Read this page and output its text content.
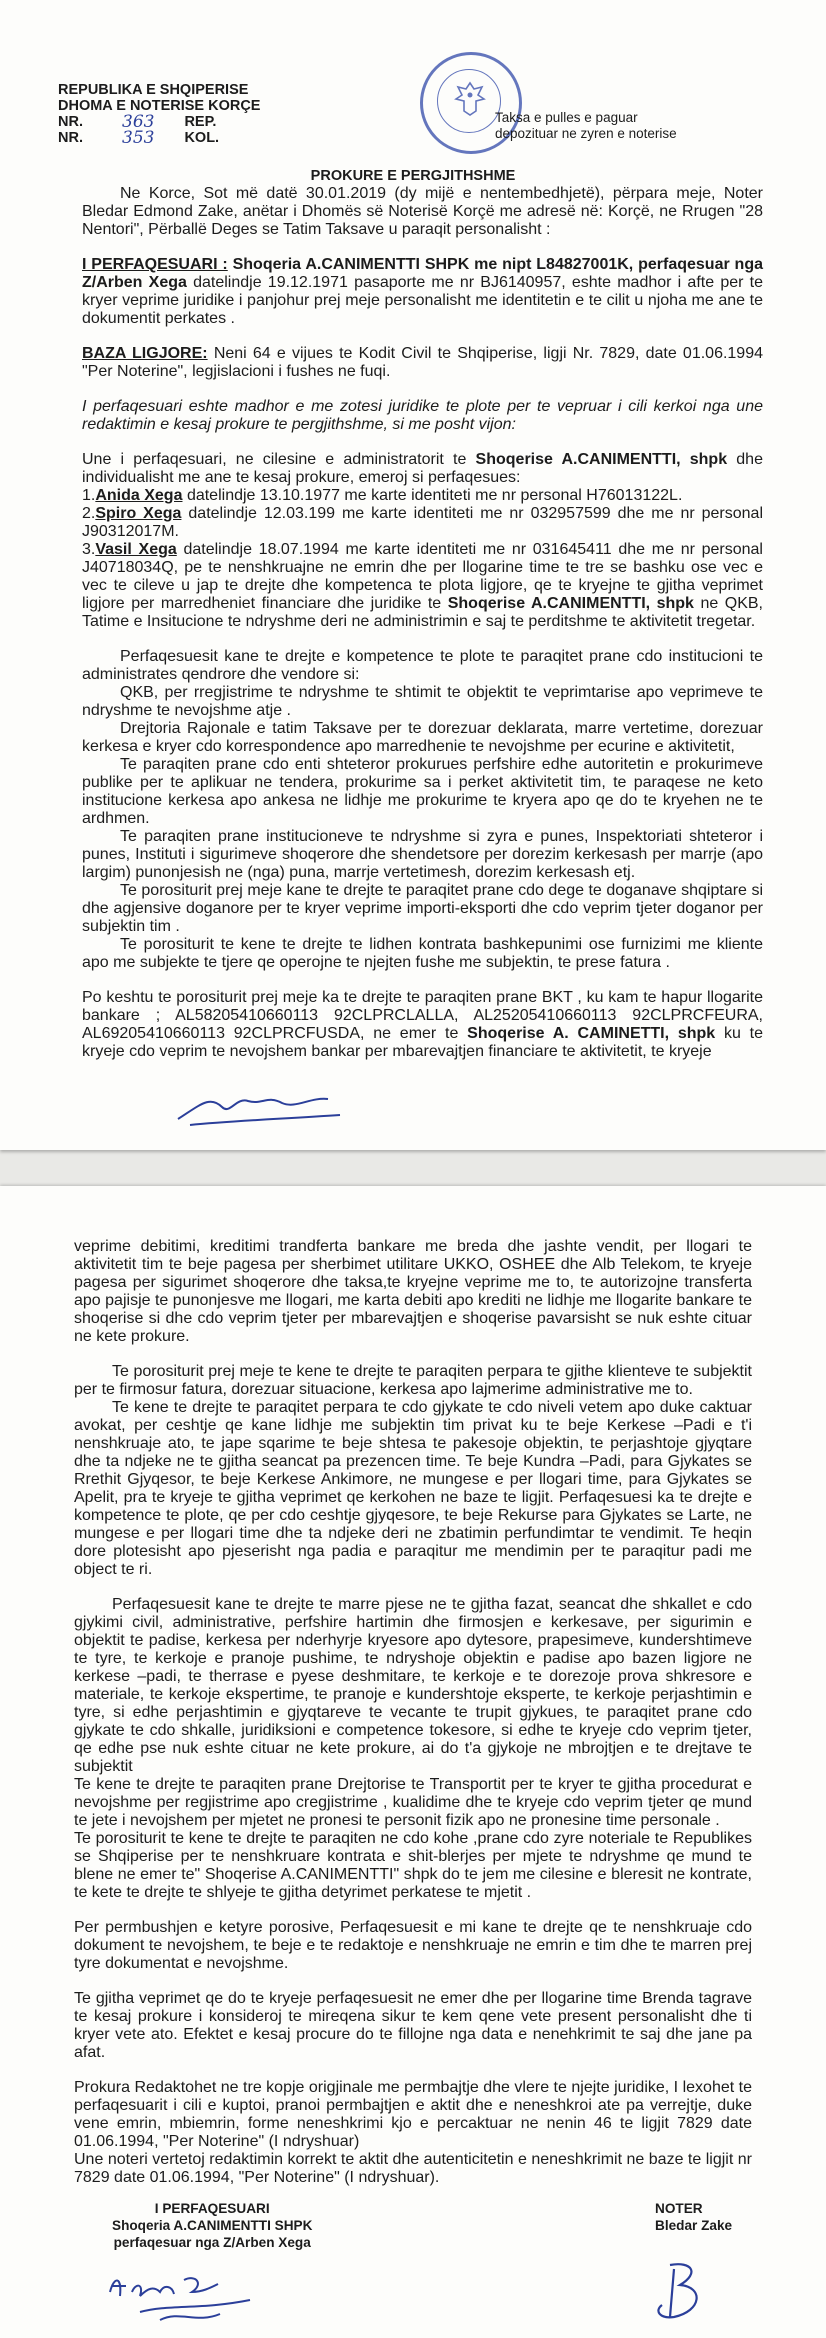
REPUBLIKA E SHQIPERISE
DHOMA E NOTERISE KORÇE
NR.	363 REP.
NR.	353 KOL.
Taksa e pulles e paguar
depozituar ne zyren e noterise
PROKURE E PERGJITHSHME

Ne Korce, Sot më datë 30.01.2019 (dy mijë e nentembedhjetë), përpara meje, Noter Bledar Edmond Zake, anëtar i Dhomës së Noterisë Korçë me adresë në: Korçë, ne Rrugen "28 Nentori", Përballë Deges se Tatim Taksave u paraqit personalisht :

I PERFAQESUARI : Shoqeria A.CANIMENTTI SHPK me nipt L84827001K, perfaqesuar nga Z/Arben Xega datelindje 19.12.1971 pasaporte me nr BJ6140957, eshte madhor i afte per te kryer veprime juridike i panjohur prej meje personalisht me identitetin e te cilit u njoha me ane te dokumentit perkates .

BAZA LIGJORE: Neni 64 e vijues te Kodit Civil te Shqiperise, ligji Nr. 7829, date 01.06.1994 "Per Noterine", legjislacioni i fushes ne fuqi.

I perfaqesuari eshte madhor e me zotesi juridike te plote per te vepruar i cili kerkoi nga une redaktimin e kesaj prokure te pergjithshme, si me posht vijon:

Une i perfaqesuari, ne cilesine e administratorit te Shoqerise A.CANIMENTTI, shpk dhe individualisht me ane te kesaj prokure, emeroj si perfaqesues:

1.Anida Xega datelindje 13.10.1977 me karte identiteti me nr personal H76013122L.

2.Spiro Xega datelindje 12.03.199 me karte identiteti me nr 032957599 dhe me nr personal J90312017M.

3.Vasil Xega datelindje 18.07.1994 me karte identiteti me nr 031645411 dhe me nr personal J40718034Q, pe te nenshkruajne ne emrin dhe per llogarine time te tre se bashku ose vec e vec te cileve u jap te drejte dhe kompetenca te plota ligjore, qe te kryejne te gjitha veprimet ligjore per marredheniet financiare dhe juridike te Shoqerise A.CANIMENTTI, shpk ne QKB, Tatime e Insitucione te ndryshme deri ne administrimin e saj te perditshme te aktivitetit tregetar.

Perfaqesuesit kane te drejte e kompetence te plote te paraqitet prane cdo institucioni te administrates qendrore dhe vendore si:

QKB, per rregjistrime te ndryshme te shtimit te objektit te veprimtarise apo veprimeve te ndryshme te nevojshme atje .

Drejtoria Rajonale e tatim Taksave per te dorezuar deklarata, marre vertetime, dorezuar kerkesa e kryer cdo korrespondence apo marredhenie te nevojshme per ecurine e aktivitetit,

Te paraqiten prane cdo enti shteteror prokurues perfshire edhe autoritetin e prokurimeve publike per te aplikuar ne tendera, prokurime sa i perket aktivitetit tim, te paraqese ne keto institucione kerkesa apo ankesa ne lidhje me prokurime te kryera apo qe do te kryehen ne te ardhmen.

Te paraqiten prane institucioneve te ndryshme si zyra e punes, Inspektoriati shteteror i punes, Instituti i sigurimeve shoqerore dhe shendetsore per dorezim kerkesash per marrje (apo largim) punonjesish ne (nga) puna, marrje vertetimesh, dorezim kerkesash etj.

Te porositurit prej meje kane te drejte te paraqitet prane cdo dege te doganave shqiptare si dhe agjensive doganore per te kryer veprime importi-eksporti dhe cdo veprim tjeter doganor per subjektin tim .

Te porositurit te kene te drejte te lidhen kontrata bashkepunimi ose furnizimi me kliente apo me subjekte te tjere qe operojne te njejten fushe me subjektin, te prese fatura .

Po keshtu te porositurit prej meje ka te drejte te paraqiten prane BKT , ku kam te hapur llogarite bankare ; AL58205410660113 92CLPRCLALLA, AL25205410660113 92CLPRCFEURA, AL69205410660113 92CLPRCFUSDA, ne emer te Shoqerise A. CAMINETTI, shpk ku te kryeje cdo veprim te nevojshem bankar per mbarevajtjen financiare te aktivitetit, te kryeje

veprime debitimi, kreditimi trandferta bankare me breda dhe jashte vendit, per llogari te aktivitetit tim te beje pagesa per sherbimet utilitare UKKO, OSHEE dhe Alb Telekom, te kryeje pagesa per sigurimet shoqerore dhe taksa,te kryejne veprime me to, te autorizojne transferta apo pajisje te punonjesve me llogari, me karta debiti apo krediti ne lidhje me llogarite bankare te shoqerise si dhe cdo veprim tjeter per mbarevajtjen e shoqerise pavarsisht se nuk eshte cituar ne kete prokure.

Te porositurit prej meje te kene te drejte te paraqiten perpara te gjithe klienteve te subjektit per te firmosur fatura, dorezuar situacione, kerkesa apo lajmerime administrative me to.

Te kene te drejte te paraqitet perpara te cdo gjykate te cdo niveli vetem apo duke caktuar avokat, per ceshtje qe kane lidhje me subjektin tim privat ku te beje Kerkese –Padi e t'i nenshkruaje ato, te jape sqarime te beje shtesa te pakesoje objektin, te perjashtoje gjyqtare dhe ta ndjeke ne te gjitha seancat pa prezencen time. Te beje Kundra –Padi, para Gjykates se Rrethit Gjyqesor, te beje Kerkese Ankimore, ne mungese e per llogari time, para Gjykates se Apelit, pra te kryeje te gjitha veprimet qe kerkohen ne baze te ligjit. Perfaqesuesi ka te drejte e kompetence te plote, qe per cdo ceshtje gjyqesore, te beje Rekurse para Gjykates se Larte, ne mungese e per llogari time dhe ta ndjeke deri ne zbatimin perfundimtar te vendimit. Te heqin dore plotesisht apo pjeserisht nga padia e paraqitur me mendimin per te paraqitur padi me object te ri.

Perfaqesuesit kane te drejte te marre pjese ne te gjitha fazat, seancat dhe shkallet e cdo gjykimi civil, administrative, perfshire hartimin dhe firmosjen e kerkesave, per sigurimin e objektit te padise, kerkesa per nderhyrje kryesore apo dytesore, prapesimeve, kundershtimeve te tyre, te kerkoje e pranoje pushime, te ndryshoje objektin e padise apo bazen ligjore ne kerkese –padi, te therrase e pyese deshmitare, te kerkoje e te dorezoje prova shkresore e materiale, te kerkoje ekspertime, te pranoje e kundershtoje eksperte, te kerkoje perjashtimin e tyre, si edhe perjashtimin e gjyqtareve te vecante te trupit gjykues, te paraqitet prane cdo gjykate te cdo shkalle, juridiksioni e competence tokesore, si edhe te kryeje cdo veprim tjeter, qe edhe pse nuk eshte cituar ne kete prokure, ai do t'a gjykoje ne mbrojtjen e te drejtave te subjektit

Te kene te drejte te paraqiten prane Drejtorise te Transportit per te kryer te gjitha procedurat e nevojshme per regjistrime apo cregjistrime , kualidime dhe te kryeje cdo veprim tjeter qe mund te jete i nevojshem per mjetet ne pronesi te personit fizik apo ne pronesine time personale .

Te porositurit te kene te drejte te paraqiten ne cdo kohe ,prane cdo zyre noteriale te Republikes se Shqiperise per te nenshkruare kontrata e shit-blerjes per mjete te ndryshme qe mund te blene ne emer te" Shoqerise A.CANIMENTTI" shpk do te jem me cilesine e bleresit ne kontrate, te kete te drejte te shlyeje te gjitha detyrimet perkatese te mjetit .

Per permbushjen e ketyre porosive, Perfaqesuesit e mi kane te drejte qe te nenshkruaje cdo dokument te nevojshem, te beje e te redaktoje e nenshkruaje ne emrin e tim dhe te marren prej tyre dokumentat e nevojshme.

Te gjitha veprimet qe do te kryeje perfaqesuesit ne emer dhe per llogarine time Brenda tagrave te kesaj prokure i konsideroj te mireqena sikur te kem qene vete present personalisht dhe ti kryer vete ato. Efektet e kesaj procure do te fillojne nga data e nenehkrimit te saj dhe jane pa afat.

Prokura Redaktohet ne tre kopje origjinale me permbajtje dhe vlere te njejte juridike, I lexohet te perfaqesuarit i cili e kuptoi, pranoi permbajtjen e aktit dhe e neneshkroi ate pa verrejtje, duke vene emrin, mbiemrin, forme neneshkrimi kjo e percaktuar ne nenin 46 te ligjit 7829 date 01.06.1994, "Per Noterine" (I ndryshuar)

Une noteri vertetoj redaktimin korrekt te aktit dhe autenticitetin e neneshkrimit ne baze te ligjit nr 7829 date 01.06.1994, "Per Noterine" (I ndryshuar).

I PERFAQESUARI
Shoqeria A.CANIMENTTI SHPK
perfaqesuar nga Z/Arben Xega
NOTER
Bledar Zake
